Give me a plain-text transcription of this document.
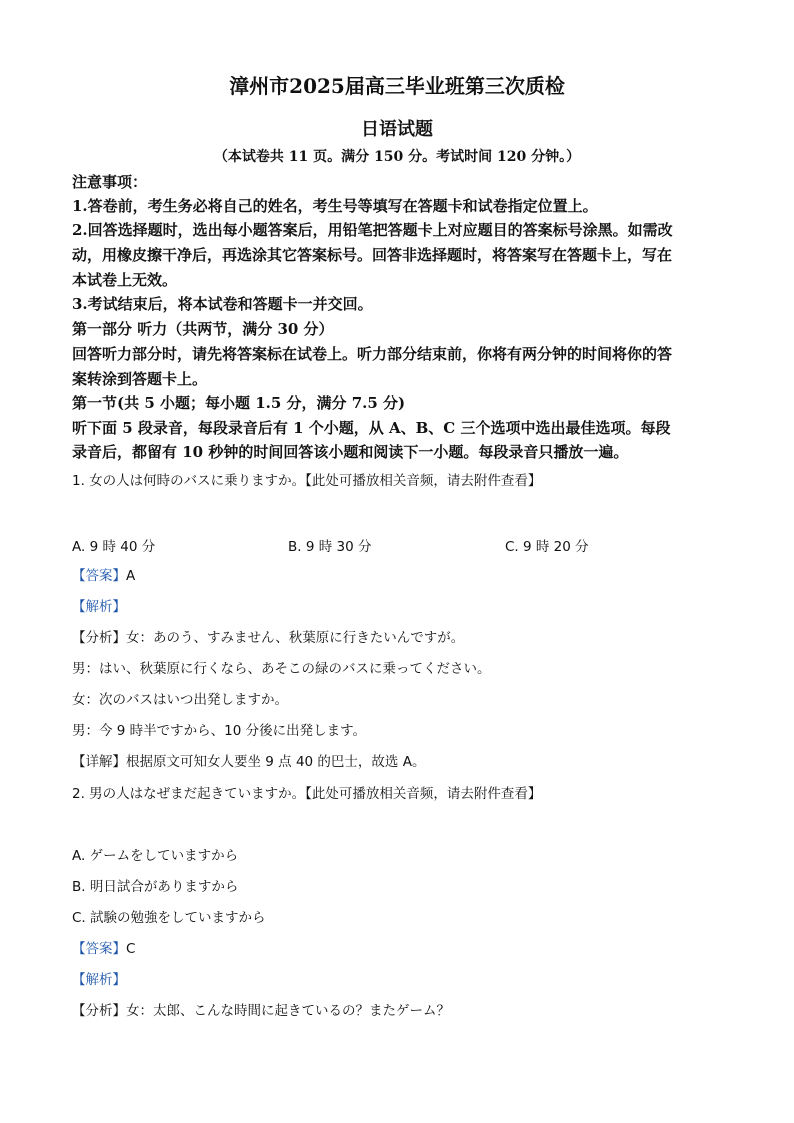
漳州市2025届高三毕业班第三次质检
日语试题
（本试卷共 11 页。满分 150 分。考试时间 120 分钟。）
注意事项：
1.答卷前，考生务必将自己的姓名，考生号等填写在答题卡和试卷指定位置上。
2.回答选择题时，选出每小题答案后，用铅笔把答题卡上对应题目的答案标号涂黑。如需改
动，用橡皮擦干净后，再选涂其它答案标号。回答非选择题时，将答案写在答题卡上，写在
本试卷上无效。
3.考试结束后，将本试卷和答题卡一并交回。
第一部分 听力（共两节，满分 30 分）
回答听力部分时，请先将答案标在试卷上。听力部分结束前，你将有两分钟的时间将你的答
案转涂到答题卡上。
第一节(共 5 小题；每小题 1.5 分，满分 7.5 分)
听下面 5 段录音，每段录音后有 1 个小题，从 A、B、C 三个选项中选出最佳选项。每段
录音后，都留有 10 秒钟的时间回答该小题和阅读下一小题。每段录音只播放一遍。
1. 女の人は何時のバスに乗りますか。【此处可播放相关音频，请去附件查看】
A. 9 時 40 分	B. 9 時 30 分	C. 9 時 20 分
【答案】A
【解析】
【分析】女：あのう、すみません、秋葉原に行きたいんですが。
男：はい、秋葉原に行くなら、あそこの緑のバスに乗ってください。
女：次のバスはいつ出発しますか。
男：今 9 時半ですから、10 分後に出発します。
【详解】根据原文可知女人要坐 9 点 40 的巴士，故选 A。
2. 男の人はなぜまだ起きていますか。【此处可播放相关音频，请去附件查看】
A. ゲームをしていますから
B. 明日試合がありますから
C. 試験の勉強をしていますから
【答案】C
【解析】
【分析】女：太郎、こんな時間に起きているの？またゲーム？
